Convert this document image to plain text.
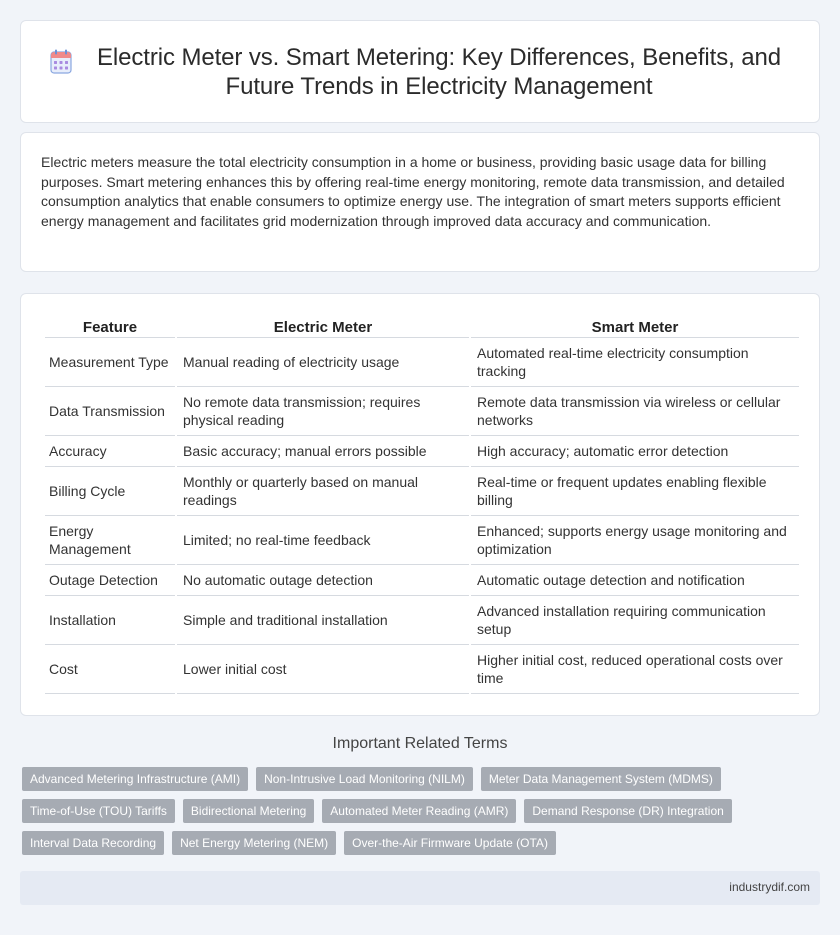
Electric Meter vs. Smart Metering: Key Differences, Benefits, and Future Trends in Electricity Management

Electric meters measure the total electricity consumption in a home or business, providing basic usage data for billing purposes. Smart metering enhances this by offering real-time energy monitoring, remote data transmission, and detailed consumption analytics that enable consumers to optimize energy use. The integration of smart meters supports efficient energy management and facilitates grid modernization through improved data accuracy and communication.

Feature	Electric Meter	Smart Meter
Measurement Type	Manual reading of electricity usage	Automated real-time electricity consumption tracking
Data Transmission	No remote data transmission; requires physical reading	Remote data transmission via wireless or cellular networks
Accuracy	Basic accuracy; manual errors possible	High accuracy; automatic error detection
Billing Cycle	Monthly or quarterly based on manual readings	Real-time or frequent updates enabling flexible billing
Energy Management	Limited; no real-time feedback	Enhanced; supports energy usage monitoring and optimization
Outage Detection	No automatic outage detection	Automatic outage detection and notification
Installation	Simple and traditional installation	Advanced installation requiring communication setup
Cost	Lower initial cost	Higher initial cost, reduced operational costs over time
Important Related Terms
Advanced Metering Infrastructure (AMI)	Non-Intrusive Load Monitoring (NILM)	Meter Data Management System (MDMS)
Time-of-Use (TOU) Tariffs	Bidirectional Metering	Automated Meter Reading (AMR)	Demand Response (DR) Integration
Interval Data Recording	Net Energy Metering (NEM)	Over-the-Air Firmware Update (OTA)
industrydif.com
